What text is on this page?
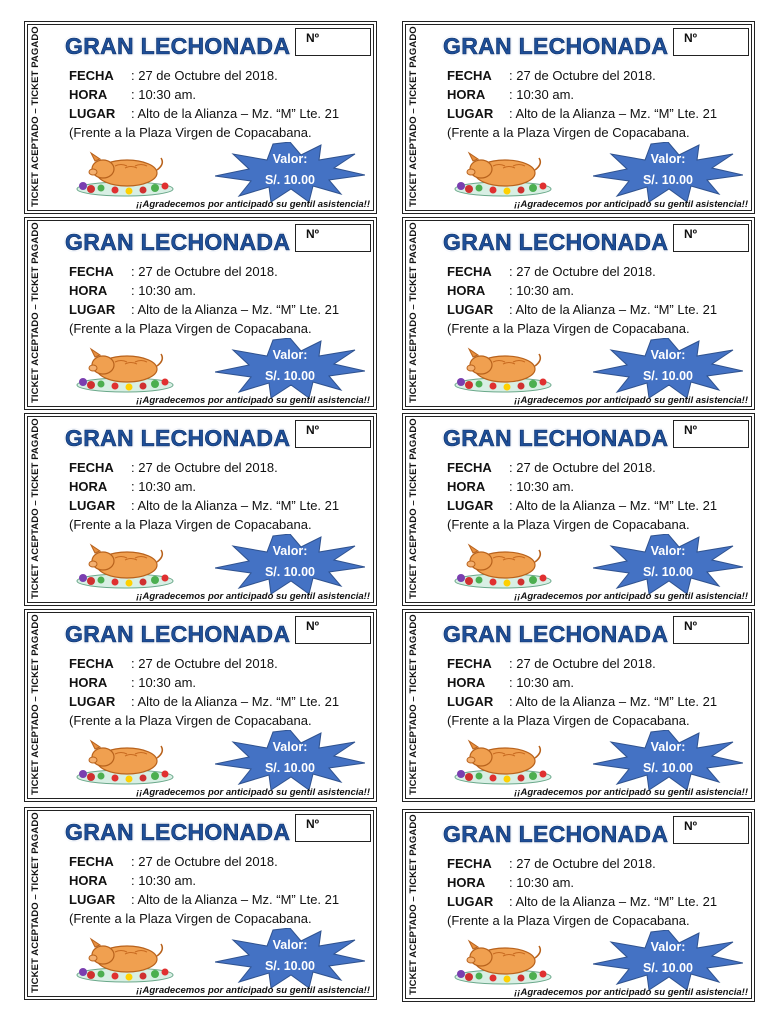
TICKET ACEPTADO – TICKET PAGADO GRAN LECHONADA Nº
FECHA : 27 de Octubre del 2018.
HORA : 10:30 am.
LUGAR : Alto de la Alianza – Mz. “M” Lte. 21
(Frente a la Plaza Virgen de Copacabana.
Valor:
S/. 10.00
¡¡Agradecemos por anticipado su gentil asistencia!!	TICKET ACEPTADO – TICKET PAGADO GRAN LECHONADA Nº
FECHA : 27 de Octubre del 2018.
HORA : 10:30 am.
LUGAR : Alto de la Alianza – Mz. “M” Lte. 21
(Frente a la Plaza Virgen de Copacabana.
Valor:
S/. 10.00
¡¡Agradecemos por anticipado su gentil asistencia!!
TICKET ACEPTADO – TICKET PAGADO GRAN LECHONADA Nº
FECHA : 27 de Octubre del 2018.
HORA : 10:30 am.
LUGAR : Alto de la Alianza – Mz. “M” Lte. 21
(Frente a la Plaza Virgen de Copacabana.
Valor:
S/. 10.00
¡¡Agradecemos por anticipado su gentil asistencia!!	TICKET ACEPTADO – TICKET PAGADO GRAN LECHONADA Nº
FECHA : 27 de Octubre del 2018.
HORA : 10:30 am.
LUGAR : Alto de la Alianza – Mz. “M” Lte. 21
(Frente a la Plaza Virgen de Copacabana.
Valor:
S/. 10.00
¡¡Agradecemos por anticipado su gentil asistencia!!
TICKET ACEPTADO – TICKET PAGADO GRAN LECHONADA Nº
FECHA : 27 de Octubre del 2018.
HORA : 10:30 am.
LUGAR : Alto de la Alianza – Mz. “M” Lte. 21
(Frente a la Plaza Virgen de Copacabana.
Valor:
S/. 10.00
¡¡Agradecemos por anticipado su gentil asistencia!!	TICKET ACEPTADO – TICKET PAGADO GRAN LECHONADA Nº
FECHA : 27 de Octubre del 2018.
HORA : 10:30 am.
LUGAR : Alto de la Alianza – Mz. “M” Lte. 21
(Frente a la Plaza Virgen de Copacabana.
Valor:
S/. 10.00
¡¡Agradecemos por anticipado su gentil asistencia!!
TICKET ACEPTADO – TICKET PAGADO GRAN LECHONADA Nº
FECHA : 27 de Octubre del 2018.
HORA : 10:30 am.
LUGAR : Alto de la Alianza – Mz. “M” Lte. 21
(Frente a la Plaza Virgen de Copacabana.
Valor:
S/. 10.00
¡¡Agradecemos por anticipado su gentil asistencia!!	TICKET ACEPTADO – TICKET PAGADO GRAN LECHONADA Nº
FECHA : 27 de Octubre del 2018.
HORA : 10:30 am.
LUGAR : Alto de la Alianza – Mz. “M” Lte. 21
(Frente a la Plaza Virgen de Copacabana.
Valor:
S/. 10.00
¡¡Agradecemos por anticipado su gentil asistencia!!
TICKET ACEPTADO – TICKET PAGADO GRAN LECHONADA Nº
FECHA : 27 de Octubre del 2018.
HORA : 10:30 am.
LUGAR : Alto de la Alianza – Mz. “M” Lte. 21
(Frente a la Plaza Virgen de Copacabana.
Valor:
S/. 10.00
¡¡Agradecemos por anticipado su gentil asistencia!!	TICKET ACEPTADO – TICKET PAGADO GRAN LECHONADA Nº
FECHA : 27 de Octubre del 2018.
HORA : 10:30 am.
LUGAR : Alto de la Alianza – Mz. “M” Lte. 21
(Frente a la Plaza Virgen de Copacabana.
Valor:
S/. 10.00
¡¡Agradecemos por anticipado su gentil asistencia!!
